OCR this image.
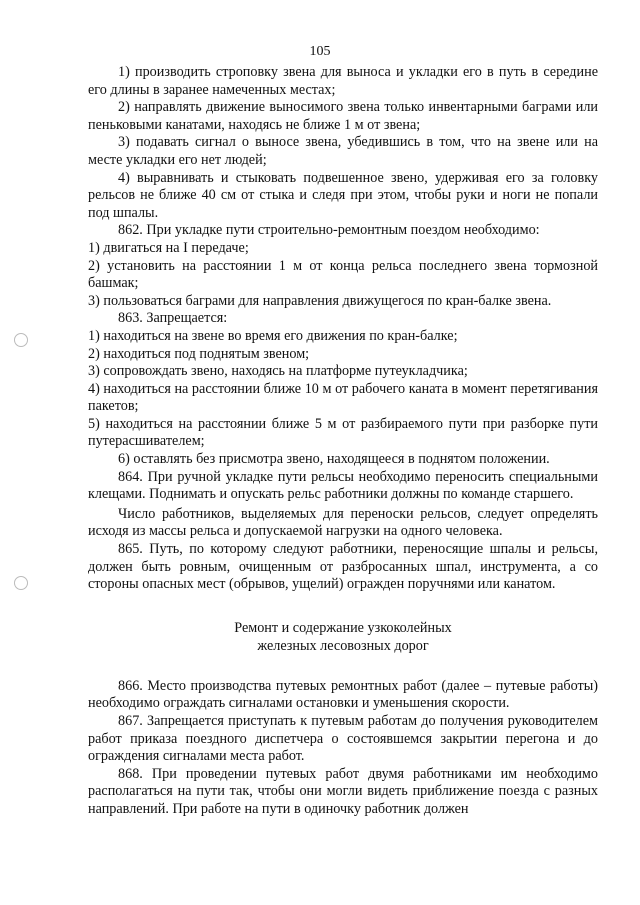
105

1) производить строповку звена для выноса и укладки его в путь в середине его длины в заранее намеченных местах;

2) направлять движение выносимого звена только инвентарными баграми или пеньковыми канатами, находясь не ближе 1 м от звена;

3) подавать сигнал о выносе звена, убедившись в том, что на звене или на месте укладки его нет людей;

4) выравнивать и стыковать подвешенное звено, удерживая его за головку рельсов не ближе 40 см от стыка и следя при этом, чтобы руки и ноги не попали под шпалы.

862. При укладке пути строительно-ремонтным поездом необходимо:

1) двигаться на I передаче;

2) установить на расстоянии 1 м от конца рельса последнего звена тормозной башмак;

3) пользоваться баграми для направления движущегося по кран-балке звена.

863. Запрещается:

1) находиться на звене во время его движения по кран-балке;

2) находиться под поднятым звеном;

3) сопровождать звено, находясь на платформе путеукладчика;

4) находиться на расстоянии ближе 10 м от рабочего каната в момент перетягивания пакетов;

5) находиться на расстоянии ближе 5 м от разбираемого пути при разборке пути путерасшивателем;

6) оставлять без присмотра звено, находящееся в поднятом положении.

864. При ручной укладке пути рельсы необходимо переносить специальными клещами. Поднимать и опускать рельс работники должны по команде старшего.

Число работников, выделяемых для переноски рельсов, следует определять исходя из массы рельса и допускаемой нагрузки на одного человека.

865. Путь, по которому следуют работники, переносящие шпалы и рельсы, должен быть ровным, очищенным от разбросанных шпал, инструмента, а со стороны опасных мест (обрывов, ущелий) огражден поручнями или канатом.

Ремонт и содержание узкоколейных
железных лесовозных дорог

866. Место производства путевых ремонтных работ (далее – путевые работы) необходимо ограждать сигналами остановки и уменьшения скорости.

867. Запрещается приступать к путевым работам до получения руководителем работ приказа поездного диспетчера о состоявшемся закрытии перегона и до ограждения сигналами места работ.

868. При проведении путевых работ двумя работниками им необходимо располагаться на пути так, чтобы они могли видеть приближение поезда с разных направлений. При работе на пути в одиночку работник должен
